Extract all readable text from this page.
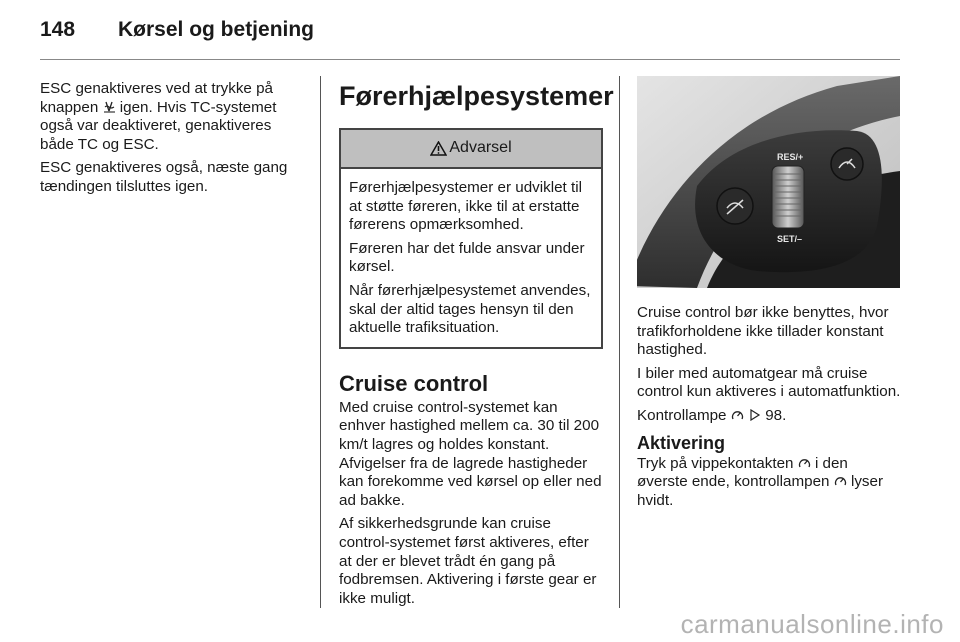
148 Kørsel og betjening

ESC genaktiveres ved at trykke på knappen igen. Hvis TC-systemet også var deaktiveret, genaktiveres både TC og ESC.

ESC genaktiveres også, næste gang tændingen tilsluttes igen.

Førerhjælpesystemer
Advarsel

Førerhjælpesystemer er udviklet til at støtte føreren, ikke til at erstatte førerens opmærksomhed.

Føreren har det fulde ansvar under kørsel.

Når førerhjælpesystemet anvendes, skal der altid tages hensyn til den aktuelle trafiksituation.

Cruise control

Med cruise control-systemet kan enhver hastighed mellem ca. 30 til 200 km/t lagres og holdes konstant. Afvigelser fra de lagrede hastigheder kan forekomme ved kørsel op eller ned ad bakke.

Af sikkerhedsgrunde kan cruise control-systemet først aktiveres, efter at der er blevet trådt én gang på fodbremsen. Aktivering i første gear er ikke muligt.

RES/+
SET/–

Cruise control bør ikke benyttes, hvor trafikforholdene ikke tillader konstant hastighed.

I biler med automatgear må cruise control kun aktiveres i automatfunktion.

Kontrollampe	98.

Aktivering

Tryk på vippekontakten i den øverste ende, kontrollampen lyser hvidt.

carmanualsonline.info
